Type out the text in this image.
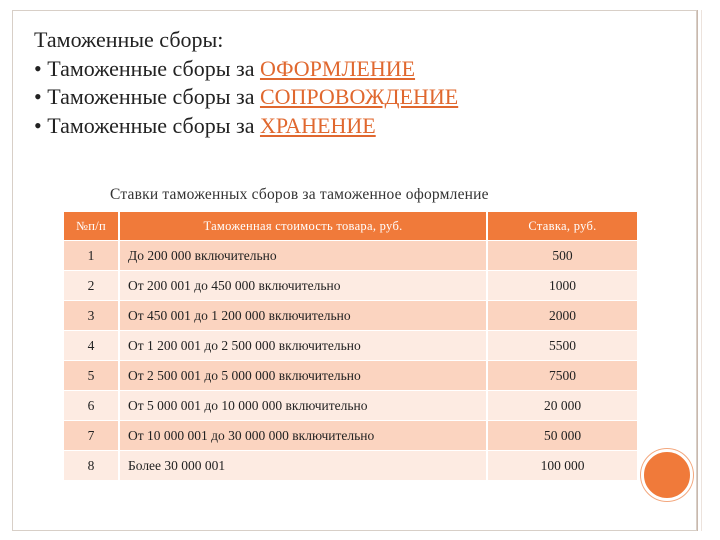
Таможенные сборы:
• Таможенные сборы за ОФОРМЛЕНИЕ
• Таможенные сборы за СОПРОВОЖДЕНИЕ
• Таможенные сборы за ХРАНЕНИЕ
Ставки таможенных сборов за таможенное оформление
№п/п	Таможенная стоимость товара, руб.	Ставка, руб.
1	До 200 000 включительно	500
2	От 200 001 до 450 000 включительно	1000
3	От 450 001 до 1 200 000 включительно	2000
4	От 1 200 001 до 2 500 000 включительно	5500
5	От 2 500 001 до 5 000 000 включительно	7500
6	От 5 000 001 до 10 000 000 включительно	20 000
7	От 10 000 001 до 30 000 000 включительно	50 000
8	Более 30 000 001	100 000
